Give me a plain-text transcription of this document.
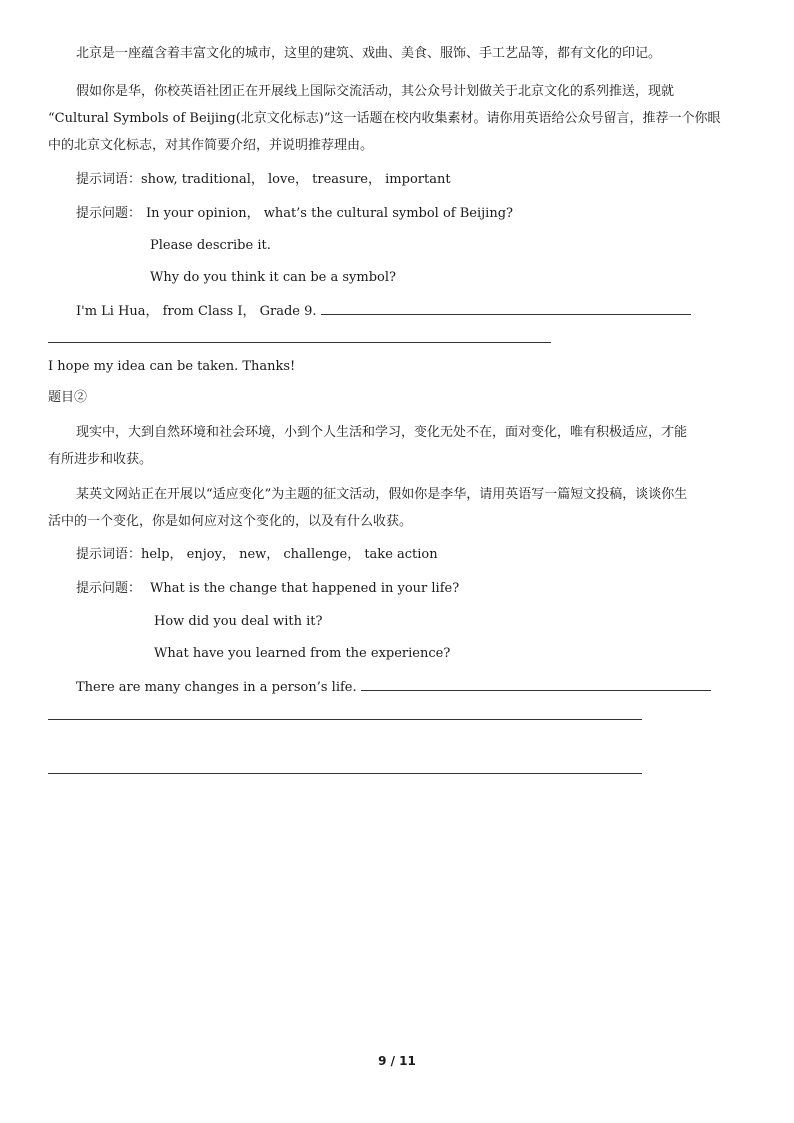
北京是一座蕴含着丰富文化的城市，这里的建筑、戏曲、美食、服饰、手工艺品等，都有文化的印记。
假如你是华，你校英语社团正在开展线上国际交流活动，其公众号计划做关于北京文化的系列推送，现就
“Cultural Symbols of Beijing(北京文化标志)”这一话题在校内收集素材。请你用英语给公众号留言，推荐一个你眼
中的北京文化标志，对其作简要介绍，并说明推荐理由。
提示词语：show, traditional， love， treasure， important
提示问题： In your opinion， what’s the cultural symbol of Beijing?
Please describe it.
Why do you think it can be a symbol?
I'm Li Hua， from Class I， Grade 9.
I hope my idea can be taken. Thanks!
题目②
现实中，大到自然环境和社会环境，小到个人生活和学习，变化无处不在，面对变化，唯有积极适应，才能
有所进步和收获。
某英文网站正在开展以“适应变化”为主题的征文活动，假如你是李华，请用英语写一篇短文投稿，谈谈你生
活中的一个变化，你是如何应对这个变化的，以及有什么收获。
提示词语：help， enjoy， new， challenge， take action
提示问题： What is the change that happened in your life?
How did you deal with it?
What have you learned from the experience?
There are many changes in a person’s life.
9 / 11
